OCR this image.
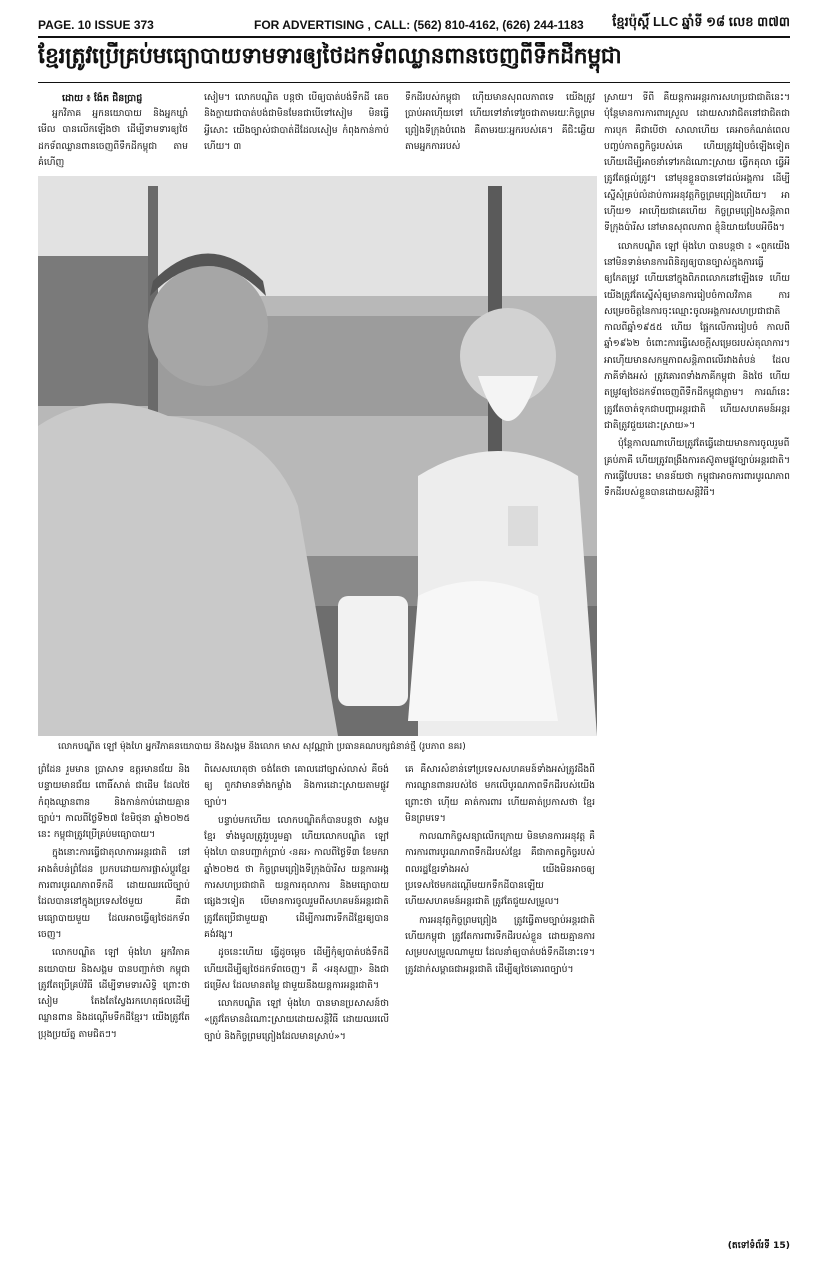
PAGE. 10 ISSUE 373	FOR ADVERTISING , CALL: (562) 810-4162, (626) 244-1183 ខ្មែរប៉ុស្តិ៍ LLC ឆ្នាំទី ១៨ លេខ ៣៧៣
ខ្មែរត្រូវប្រើគ្រប់មធ្យោបាយទាមទារឲ្យថៃដកទ័ពឈ្លានពានចេញពីទឹកដីកម្ពុជា
ដោយ ៖ ង៉ែត ជិនប្រាជ្ញ

អ្នកវិភាគ អ្នកនយោបាយ និងអ្នកឃ្លាំមើល បានលើកឡើងថា ដើម្បីទាមទារឲ្យថៃដកទ័ពឈ្លានពានចេញពីទឹកដីកម្ពុជា តាមគំហើញ

សៀម។ លោកបណ្ឌិត បន្តថា បើឲ្យបាត់បង់ទឹកដី គេចនិងក្លាយជាបាត់បង់ជាមិនមែនជាបើទៅសៀម មិនធ្វើអ្វីសោះ យើងច្បាស់ជាបាត់ដីដែលសៀម កំពុងកាន់កាប់ហើយ។ ៣

ទឹកដីរបស់កម្ពុជា ហ៊ើយមានសុពលភាពទេ យើងត្រូវប្រាប់អាហ៊ើយទៅ ហើយទៅនាំទៅរួចជាតាមរយៈកិច្ចព្រមព្រៀងទីក្រុងបំពេង គឺតាមរយៈអ្នករបស់គេ។ គឺជិះឆ្លើយតាមអ្នកការរបស់

លោកបណ្ឌិត ឡៅ ម៉ុងហៃ អ្នកវិភាគនយោបាយ និងសង្គម និងលោក មាស សុវណ្ណារ៉ា ប្រធានគណបក្សជំនាន់ថ្មី (រូបភាព នគរ)

ស្រាយ។ ទីពី គឺយន្តការអន្តរការសហប្រជាជាតិនេះ។ ប៉ុន្តែមានការការពារស្រួល ដោយសារវាជិតនៅជាជិតជាការបុក គឺជាបើថា សាលាហើយ គេអាចកំណត់ពេលបញ្ចប់កាតព្វកិច្ចរបស់គេ ហើយត្រូវរៀបចំឡើងទៀត ហើយដើម្បីអាចនាំទៅរកដំណោះស្រាយ ធ្វើកតុលា ធ្វើអីត្រូវតែផ្តល់ត្រូវ។ នៅមុនខ្លួនបានទៅដល់អង្គការ ដើម្បីស្នើសុំគ្រប់លំដាប់ការអនុវត្តកិច្ចព្រមព្រៀងហើយ។ អាហ៊ើយ១ អាហ៊ើយជាគេហើយ កិច្ចព្រមព្រៀងសន្តិភាពទីក្រុងប៉ារីស នៅមានសុពលភាព ខ្ញុំនិយាយបែបអីចឹង។

លោកបណ្ឌិត ឡៅ ម៉ុងហៃ បានបន្តថា ៖ «ពួកយើងនៅមិនទាន់មានការពិនិត្យឲ្យបានច្បាស់ក្នុងការធ្វើឲ្យកែតម្រូវ ហើយនៅក្នុងពិភពលោកនៅឡើងទេ ហើយយើងត្រូវតែស្នើសុំឲ្យមានការរៀបចំកាលវិភាគ ការសម្រេចចិត្តនៃការចុះឈ្មោះចូលអង្គការសហប្រជាជាតិ កាលពីឆ្នាំ១៩៥៥ ហើយ ផ្អែកលើការរៀបចំ កាលពីឆ្នាំ១៩៦២ ចំពោះការធ្វើសេចក្តីសម្រេចរបស់តុលាការ។ អាហ៊ើយមានសកម្មភាពសន្តិភាពលើរវាងតំបន់ ដែលភាគីទាំងអស់ ត្រូវគោរពទាំងភាគីកម្ពុជា និងថៃ ហើយតម្រូវឲ្យថៃដកទ័ពចេញពីទឹកដីកម្ពុជាភ្លាម។ ការណ៍នេះត្រូវតែចាត់ទុកជាបញ្ហាអន្តរជាតិ ហើយសហគមន៍អន្តរជាតិត្រូវជួយដោះស្រាយ»។

ប៉ុន្តែកាលណាហើយត្រូវតែធ្វើដោយមានការចូលរួមពីគ្រប់ភាគី ហើយត្រូវពង្រឹងការតស៊ូតាមផ្លូវច្បាប់អន្តរជាតិ។ ការធ្វើបែបនេះ មានន័យថា កម្ពុជាអាចការពារបូរណភាពទឹកដីរបស់ខ្លួនបានដោយសន្តិវិធី។

ព្រំដែន រួមមាន ប្រាសាទ ឧត្តរមានជ័យ និងបន្ទាយមានជ័យ ពោធិ៍សាត់ ជាដើម ដែលថៃកំពុងឈ្លានពាន និងកាន់កាប់ដោយគ្មានច្បាប់។ កាលពីថ្ងៃទី២៧ ខែមិថុនា ឆ្នាំ២០២៥ នេះ កម្ពុជាត្រូវប្រើគ្រប់មធ្យោបាយ។

ក្នុងនោះការធ្វើជាតុលាការអន្តរជាតិ នៅអាងតំបន់ព្រំដែន ប្រកបដោយការផ្លាស់ប្តូរខ្មែរ ការពារបូរណភាពទឹកដី ដោយឈរលើច្បាប់ ដែលបាននៅក្នុងប្រទេសថៃមួយ គឺជាមធ្យោបាយមួយ ដែលអាចធ្វើឲ្យថៃដកទ័ពចេញ។

លោកបណ្ឌិត ឡៅ ម៉ុងហៃ អ្នកវិភាគនយោបាយ និងសង្គម បានបញ្ជាក់ថា កម្ពុជាត្រូវតែប្រើគ្រប់វិធី ដើម្បីទាមទារសិទ្ធិ ព្រោះថា សៀម តែងតែស្វែងរកហេតុផលដើម្បីឈ្លានពាន និងដណ្តើមទឹកដីខ្មែរ។ យើងត្រូវតែប្រុងប្រយ័ត្ន តាមជិតៗ។

ពិសេសហេតុថា ចង់តែថា គោលដៅច្បាស់លាស់ គឺចង់ឲ្យ ពួកវាមានទាំងកម្លាំង និងការដោះស្រាយតាមផ្លូវច្បាប់។

បន្ទាប់មកហើយ លោកបណ្ឌិតក៏បានបន្តថា សង្គមខ្មែរ ទាំងមូលត្រូវរួបរួមគ្នា ហើយលោកបណ្ឌិត ឡៅ ម៉ុងហៃ បានបញ្ជាក់ប្រាប់ ‹នគរ› កាលពីថ្ងៃទី៣ ខែមករា ឆ្នាំ២០២៥ ថា កិច្ចព្រមព្រៀងទីក្រុងប៉ារីស យន្តការអង្គការសហប្រជាជាតិ យន្តការតុលាការ និងមធ្យោបាយផ្សេងៗទៀត បើមានការចូលរួមពីសហគមន៍អន្តរជាតិ ត្រូវតែប្រើជាមួយគ្នា ដើម្បីការពារទឹកដីខ្មែរឲ្យបានគង់វង្ស។

ដូចនេះហើយ ធ្វើដូចម្តេច ដើម្បីកុំឲ្យបាត់បង់ទឹកដី ហើយដើម្បីឲ្យថៃដកទ័ពចេញ។ គឺ ‹អនុសញ្ញា› និងជាជម្រើស ដែលមានតម្លៃ ជាមួយនឹងយន្តការអន្តរជាតិ។

លោកបណ្ឌិត ឡៅ ម៉ុងហៃ បានមានប្រសាសន៍ថា «ត្រូវតែមានដំណោះស្រាយដោយសន្តិវិធី ដោយឈរលើច្បាប់ និងកិច្ចព្រមព្រៀងដែលមានស្រាប់»។

គេ គឺសារសំខាន់ទៅប្រទេសសហគមន៍ទាំងអស់ត្រូវដឹងពីការឈ្លានពានរបស់ថៃ មកលើបូរណភាពទឹកដីរបស់យើង ព្រោះថា ហ៊ើយ គាត់ការពារ ហើយគាត់ប្រកាសថា ខ្មែរមិនព្រមទេ។

កាលណាកិច្ចសន្យាលើកក្រោយ មិនមានការអនុវត្ត គឺការការពារបូរណភាពទឹកដីរបស់ខ្មែរ គឺជាកាតព្វកិច្ចរបស់ពលរដ្ឋខ្មែរទាំងអស់ យើងមិនអាចឲ្យប្រទេសថៃមកដណ្តើមយកទឹកដីបានឡើយ ហើយសហគមន៍អន្តរជាតិ ត្រូវតែជួយសម្រួល។

ការអនុវត្តកិច្ចព្រមព្រៀង ត្រូវធ្វើតាមច្បាប់អន្តរជាតិ ហើយកម្ពុជា ត្រូវតែការពារទឹកដីរបស់ខ្លួន ដោយគ្មានការសម្របសម្រួលណាមួយ ដែលនាំឲ្យបាត់បង់ទឹកដីនោះទេ។ ត្រូវដាក់សម្ពាធជាអន្តរជាតិ ដើម្បីឲ្យថៃគោរពច្បាប់។

(តទៅទំព័រទី 15)
